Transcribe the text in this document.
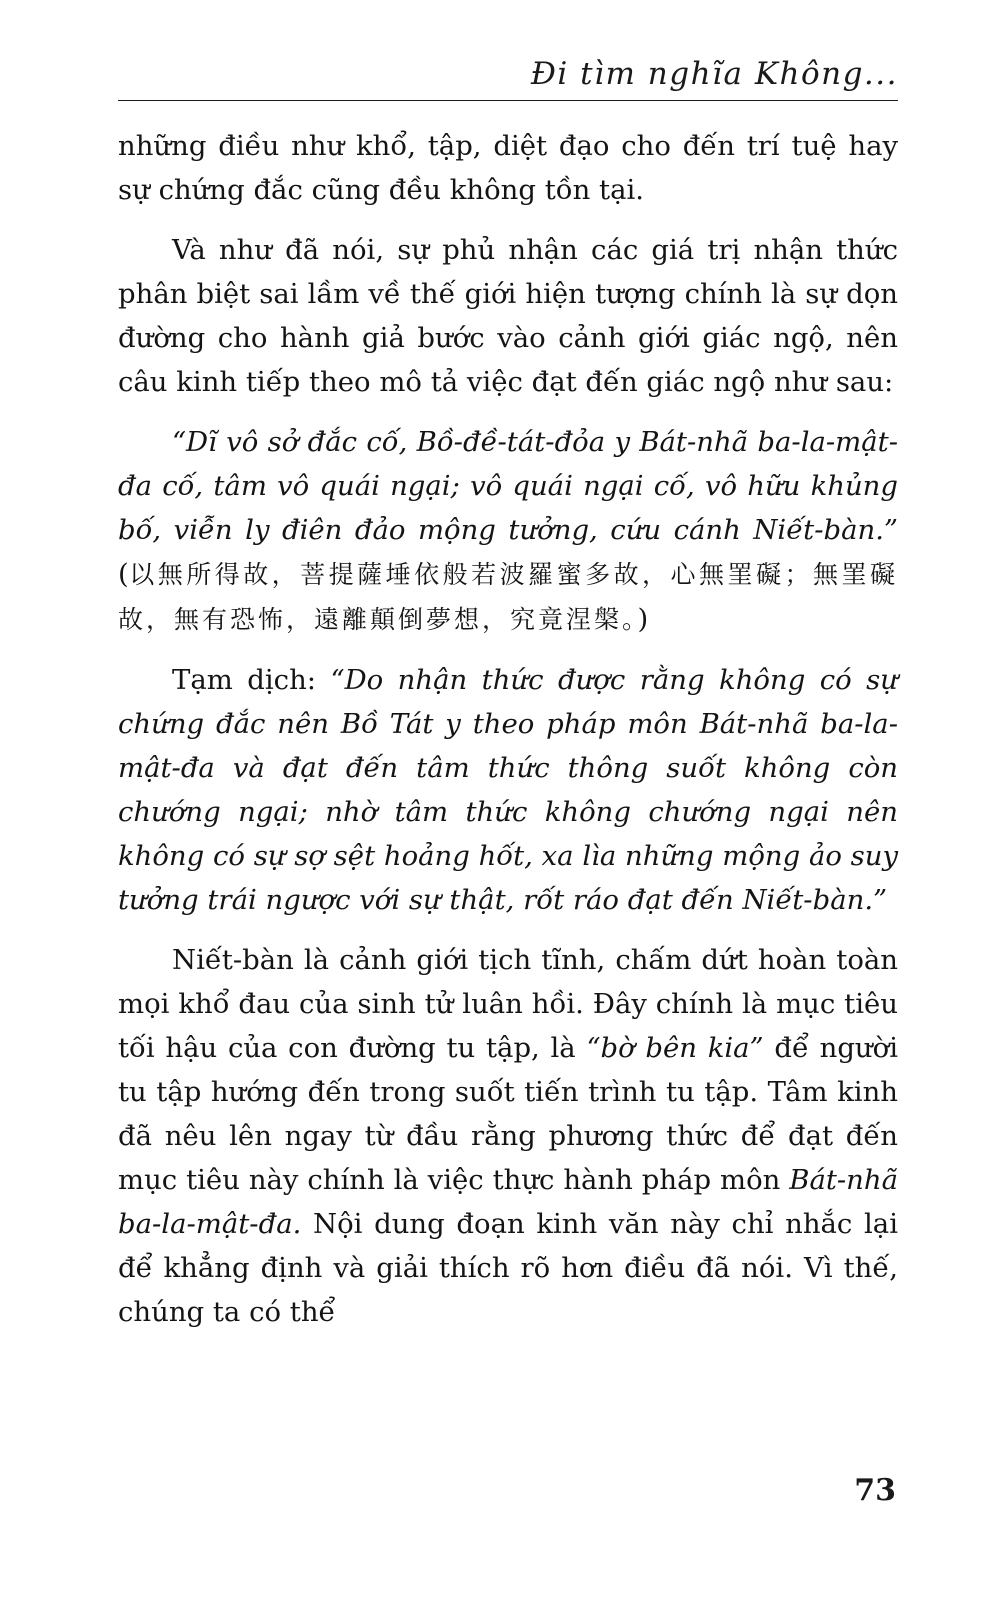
Đi tìm nghĩa Không...

những điều như khổ, tập, diệt đạo cho đến trí tuệ hay sự chứng đắc cũng đều không tồn tại.

Và như đã nói, sự phủ nhận các giá trị nhận thức phân biệt sai lầm về thế giới hiện tượng chính là sự dọn đường cho hành giả bước vào cảnh giới giác ngộ, nên câu kinh tiếp theo mô tả việc đạt đến giác ngộ như sau:

“Dĩ vô sở đắc cố, Bồ-đề-tát-đỏa y Bát-nhã ba-la-mật-đa cố, tâm vô quái ngại; vô quái ngại cố, vô hữu khủng bố, viễn ly điên đảo mộng tưởng, cứu cánh Niết-bàn.” (以無所得故，菩提薩埵依般若波羅蜜多故，心無罣礙；無罣礙故，無有恐怖，遠離顛倒夢想，究竟涅槃。)

Tạm dịch: “Do nhận thức được rằng không có sự chứng đắc nên Bồ Tát y theo pháp môn Bát-nhã ba-la-mật-đa và đạt đến tâm thức thông suốt không còn chướng ngại; nhờ tâm thức không chướng ngại nên không có sự sợ sệt hoảng hốt, xa lìa những mộng ảo suy tưởng trái ngược với sự thật, rốt ráo đạt đến Niết-bàn.”

Niết-bàn là cảnh giới tịch tĩnh, chấm dứt hoàn toàn mọi khổ đau của sinh tử luân hồi. Đây chính là mục tiêu tối hậu của con đường tu tập, là “bờ bên kia” để người tu tập hướng đến trong suốt tiến trình tu tập. Tâm kinh đã nêu lên ngay từ đầu rằng phương thức để đạt đến mục tiêu này chính là việc thực hành pháp môn Bát-nhã ba-la-mật-đa. Nội dung đoạn kinh văn này chỉ nhắc lại để khẳng định và giải thích rõ hơn điều đã nói. Vì thế, chúng ta có thể

73
